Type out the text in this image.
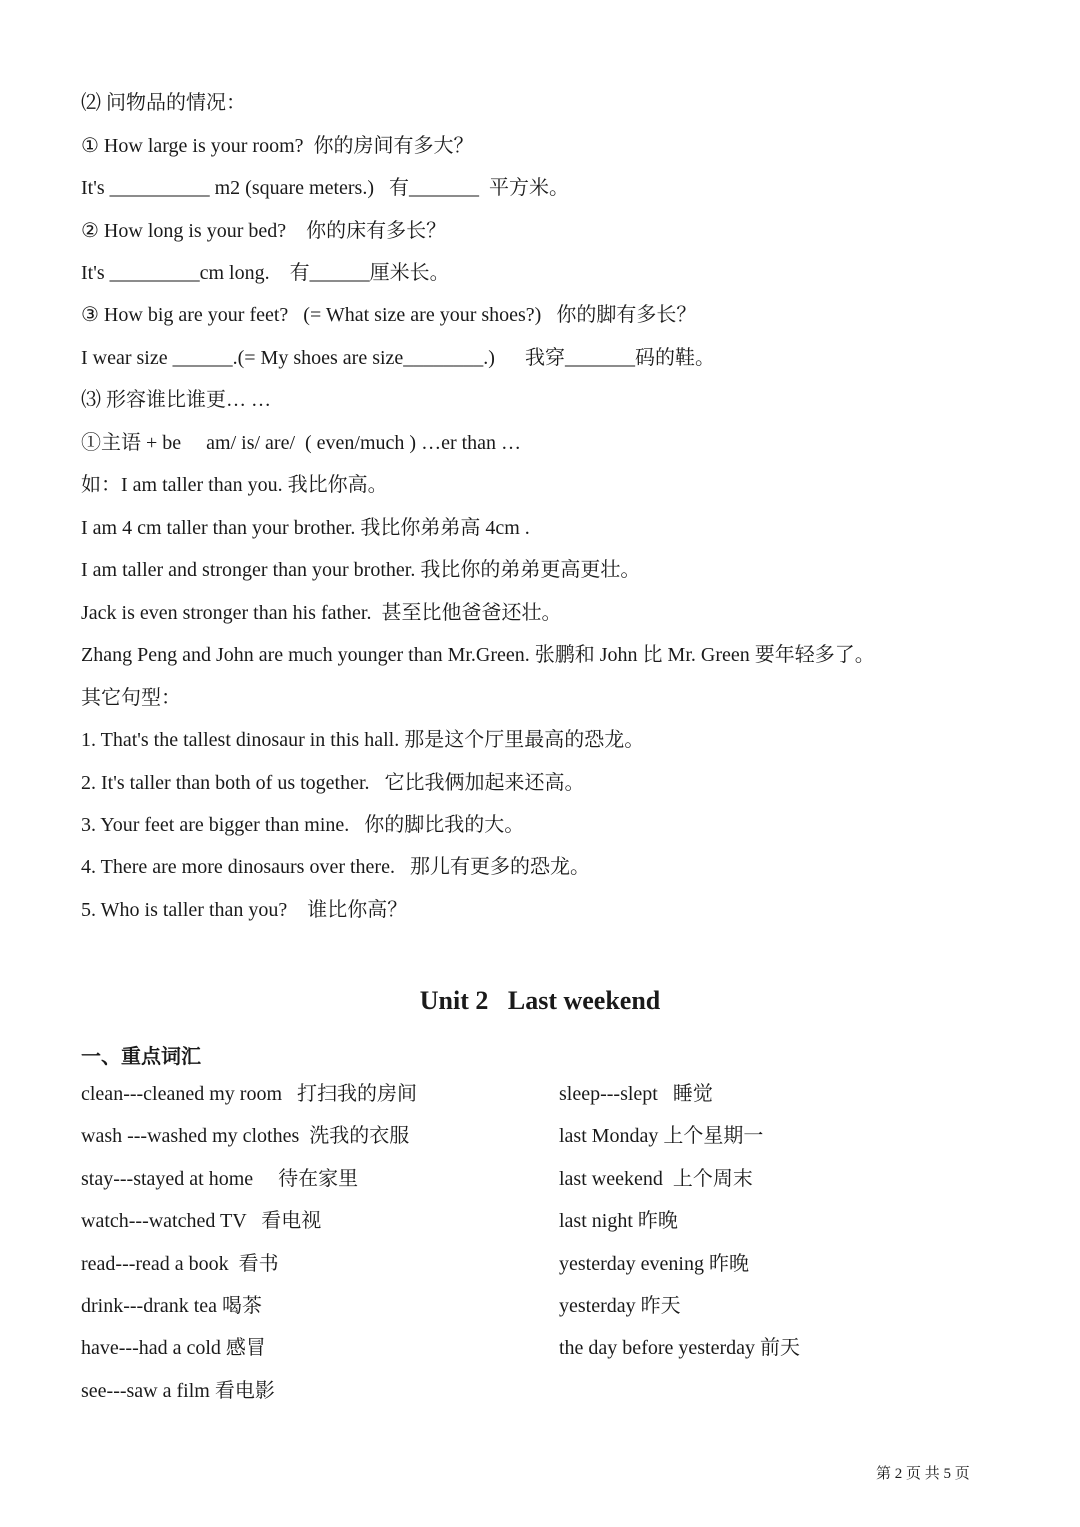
⑵ 问物品的情况：
① How large is your room?  你的房间有多大？
It's __________ m2 (square meters.)   有_______  平方米。
② How long is your bed?    你的床有多长？
It's _________cm long.    有______厘米长。
③ How big are your feet?   (= What size are your shoes?)   你的脚有多长？
I wear size ______.(= My shoes are size________.)      我穿_______码的鞋。
⑶ 形容谁比谁更… …
①主语 + be     am/ is/ are/  ( even/much ) …er than …
如：I am taller than you. 我比你高。
I am 4 cm taller than your brother. 我比你弟弟高 4cm .
I am taller and stronger than your brother. 我比你的弟弟更高更壮。
Jack is even stronger than his father.  甚至比他爸爸还壮。
Zhang Peng and John are much younger than Mr.Green. 张鹏和 John 比 Mr. Green 要年轻多了。
其它句型：
1. That's the tallest dinosaur in this hall. 那是这个厅里最高的恐龙。
2. It's taller than both of us together.   它比我俩加起来还高。
3. Your feet are bigger than mine.   你的脚比我的大。
4. There are more dinosaurs over there.   那儿有更多的恐龙。
5. Who is taller than you?    谁比你高？
Unit 2   Last weekend
一、重点词汇
clean---cleaned my room   打扫我的房间
wash ---washed my clothes  洗我的衣服
stay---stayed at home     待在家里
watch---watched TV   看电视
read---read a book  看书
drink---drank tea 喝茶
have---had a cold 感冒
see---saw a film 看电影
sleep---slept   睡觉
last Monday 上个星期一
last weekend  上个周末
last night 昨晚
yesterday evening 昨晚
yesterday 昨天
the day before yesterday 前天
第 2 页 共 5 页
